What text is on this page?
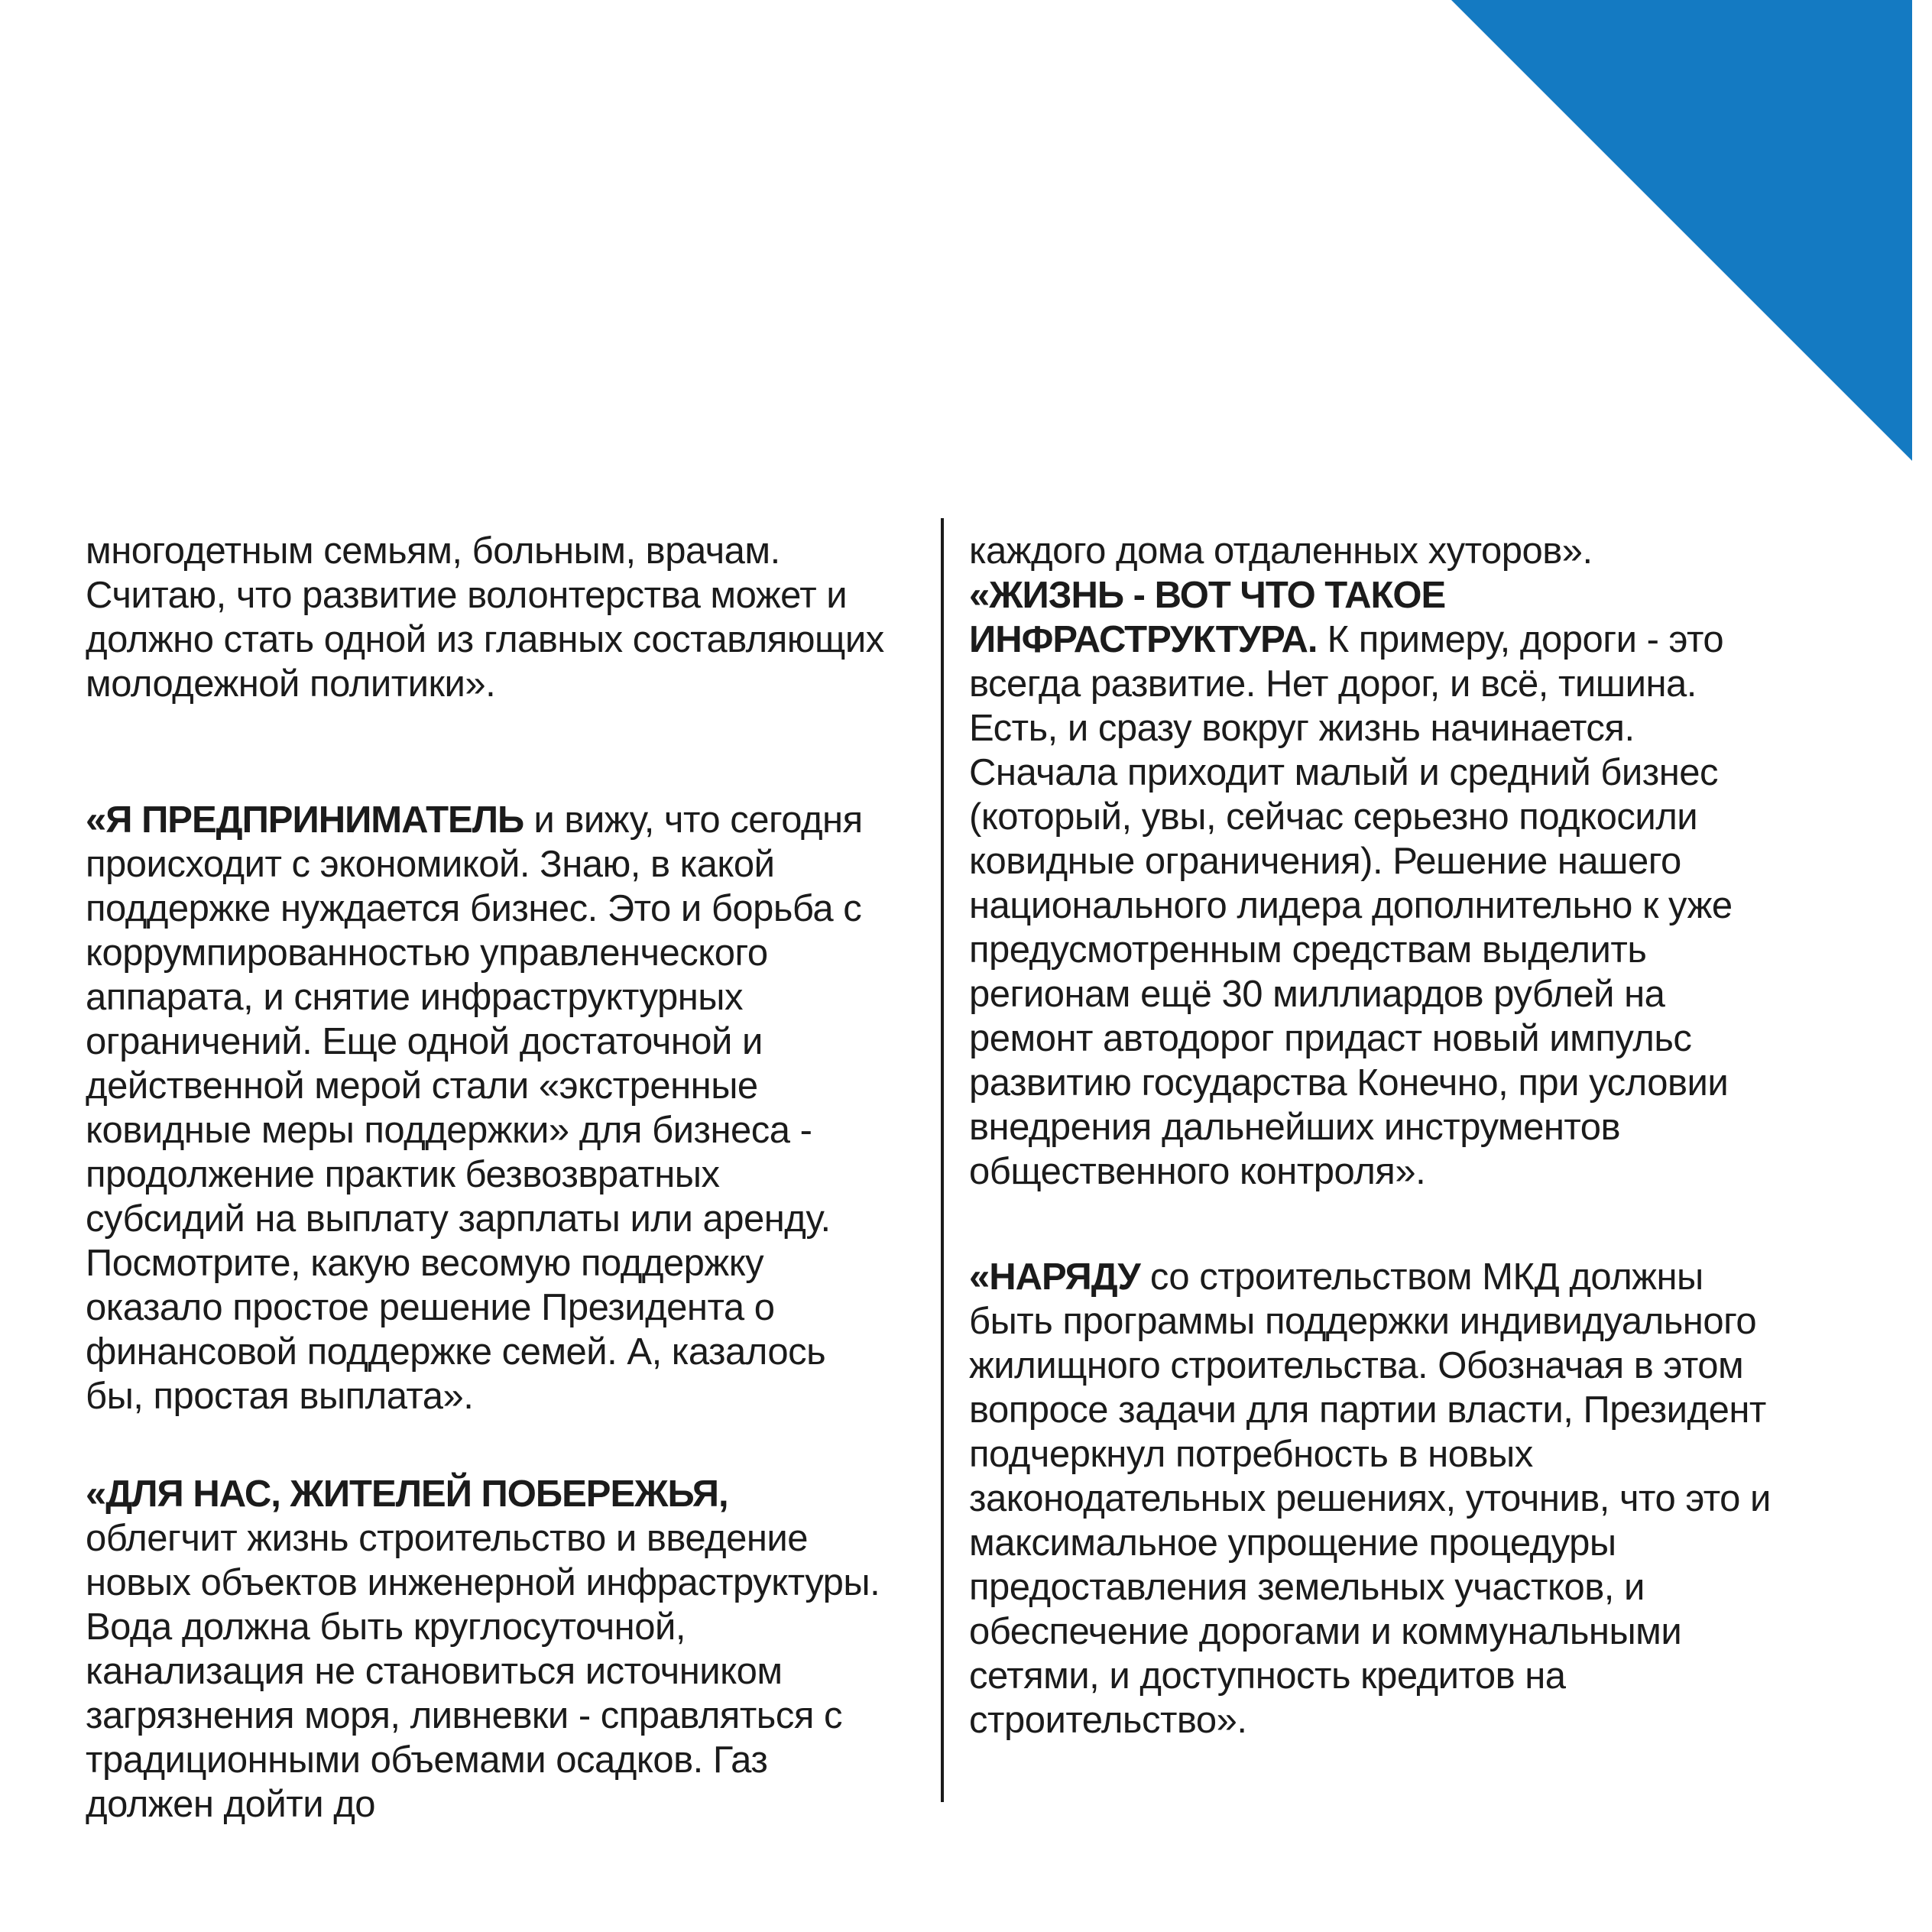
многодетным семьям, больным, врачам. Считаю, что развитие волонтерства может и должно стать одной из главных составляющих молодежной политики».

«Я ПРЕДПРИНИМАТЕЛЬ и вижу, что сегодня происходит с экономикой. Знаю, в какой поддержке нуждается бизнес. Это и борьба с коррумпированностью управленческого аппарата, и снятие инфраструктурных ограничений. Еще одной достаточной и действенной мерой стали «экстренные ковидные меры поддержки» для бизнеса - продолжение практик безвозвратных субсидий на выплату зарплаты или аренду. Посмотрите, какую весомую поддержку оказало простое решение Президента о финансовой поддержке семей. А, казалось бы, простая выплата».

«ДЛЯ НАС, ЖИТЕЛЕЙ ПОБЕРЕЖЬЯ, облегчит жизнь строительство и введение новых объектов инженерной инфраструктуры. Вода должна быть круглосуточной, канализация не становиться источником загрязнения моря, ливневки - справляться с традиционными объемами осадков. Газ должен дойти до

каждого дома отдаленных хуторов».

«ЖИЗНЬ - ВОТ ЧТО ТАКОЕ ИНФРАСТРУКТУРА. К примеру, дороги - это всегда развитие. Нет дорог, и всё, тишина. Есть, и сразу вокруг жизнь начинается. Сначала приходит малый и средний бизнес (который, увы, сейчас серьезно подкосили ковидные ограничения). Решение нашего национального лидера дополнительно к уже предусмотренным средствам выделить регионам ещё 30 миллиардов рублей на ремонт автодорог придаст новый импульс развитию государства Конечно, при условии внедрения дальнейших инструментов общественного контроля».

«НАРЯДУ со строительством МКД должны быть программы поддержки индивидуального жилищного строительства. Обозначая в этом вопросе задачи для партии власти, Президент подчеркнул потребность в новых законодательных решениях, уточнив, что это и максимальное упрощение процедуры предоставления земельных участков, и обеспечение дорогами и коммунальными сетями, и доступность кредитов на строительство».
